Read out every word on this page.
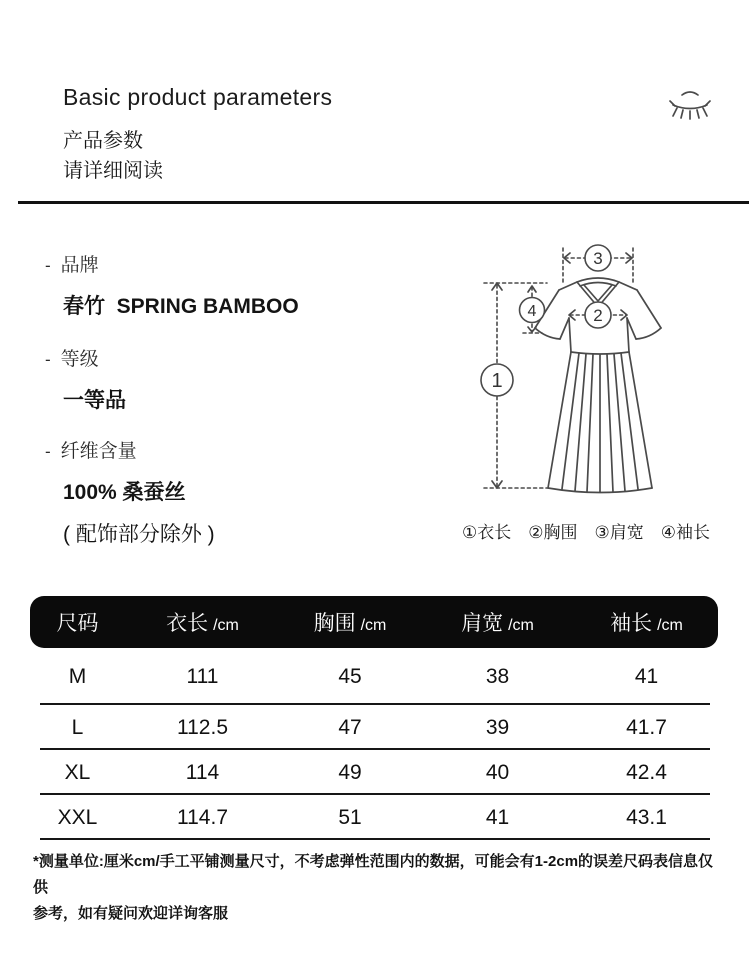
Basic product parameters
产品参数
请详细阅读
- 品牌
春竹  SPRING BAMBOO
- 等级
一等品
- 纤维含量
100% 桑蚕丝
( 配饰部分除外 )
1
4
3
2
①衣长 ②胸围 ③肩宽 ④袖长
尺码	衣长 /cm	胸围 /cm	肩宽 /cm	袖长 /cm
M	111	45	38	41
L	112.5	47	39	41.7
XL	114	49	40	42.4
XXL	114.7	51	41	43.1
*测量单位:厘米cm/手工平铺测量尺寸，不考虑弹性范围内的数据，可能会有1-2cm的误差尺码表信息仅供
参考，如有疑问欢迎详询客服
